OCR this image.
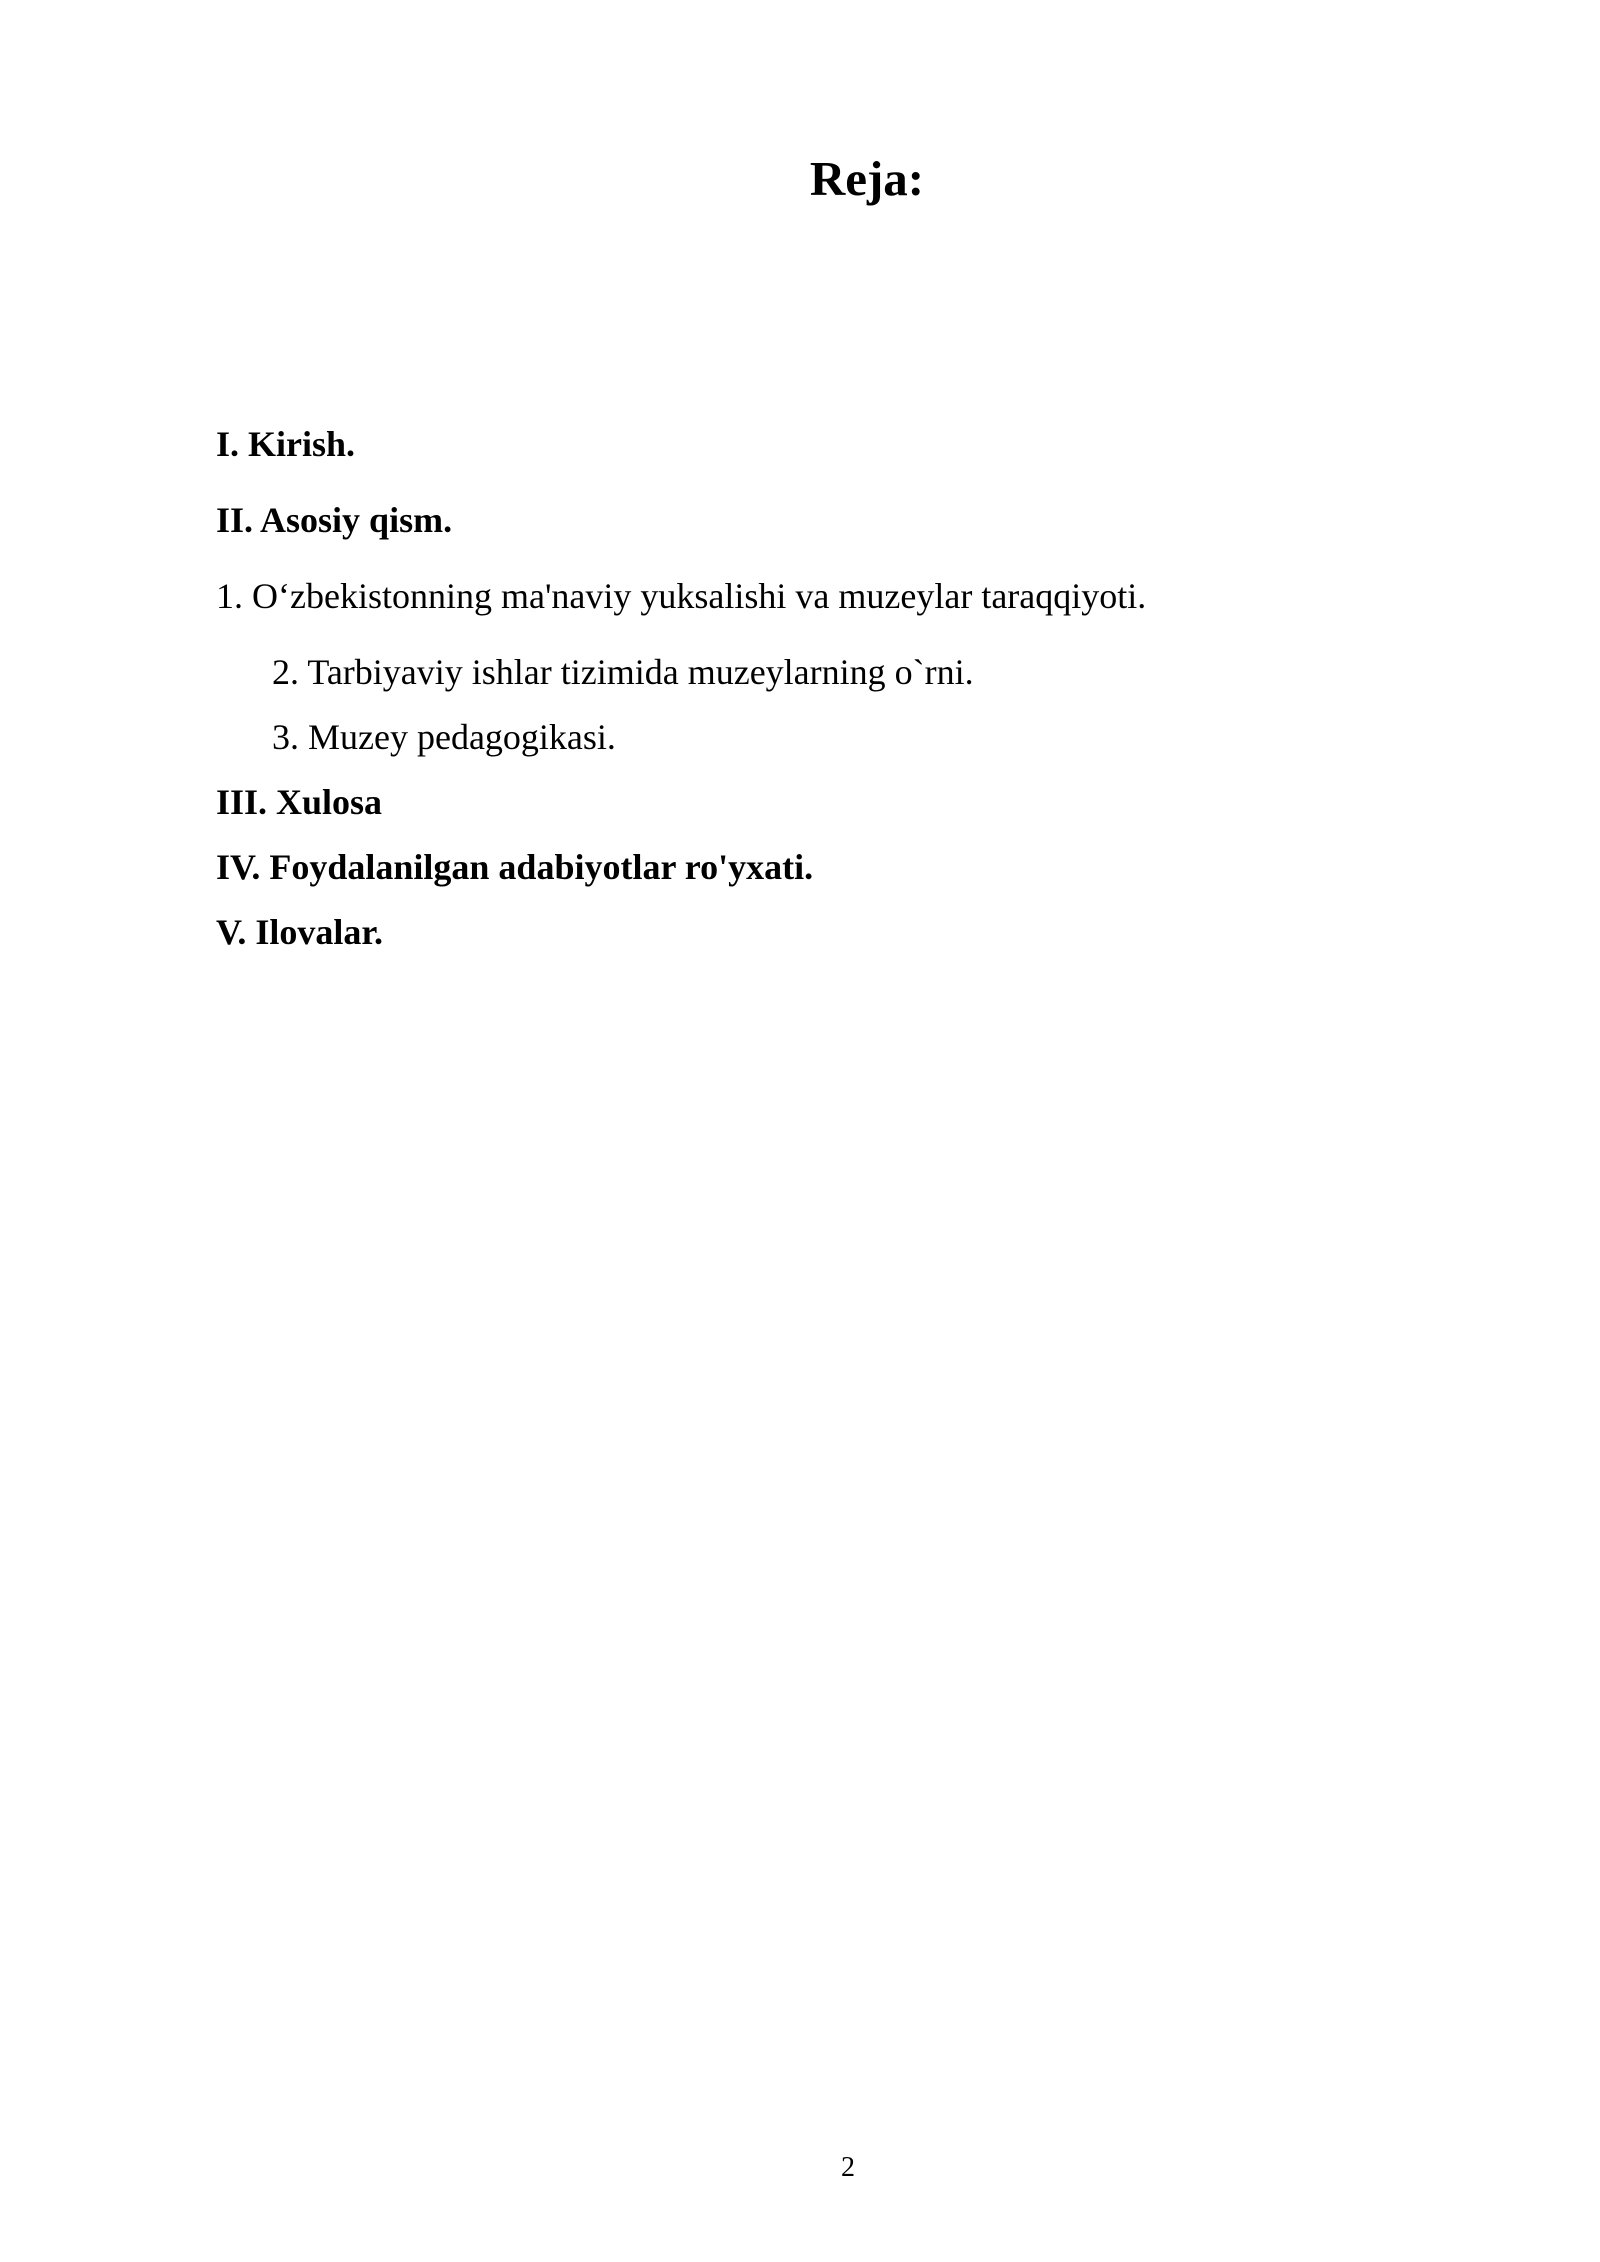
Reja:
I. Kirish.
II. Asosiy qism.
1. O‘zbekistonning ma'naviy yuksalishi va muzeylar taraqqiyoti.
2. Tarbiyaviy ishlar tizimida muzeylarning o`rni.
3. Muzey pedagogikasi.
III. Xulosa
IV. Foydalanilgan adabiyotlar ro'yxati.
V. Ilovalar.
2
